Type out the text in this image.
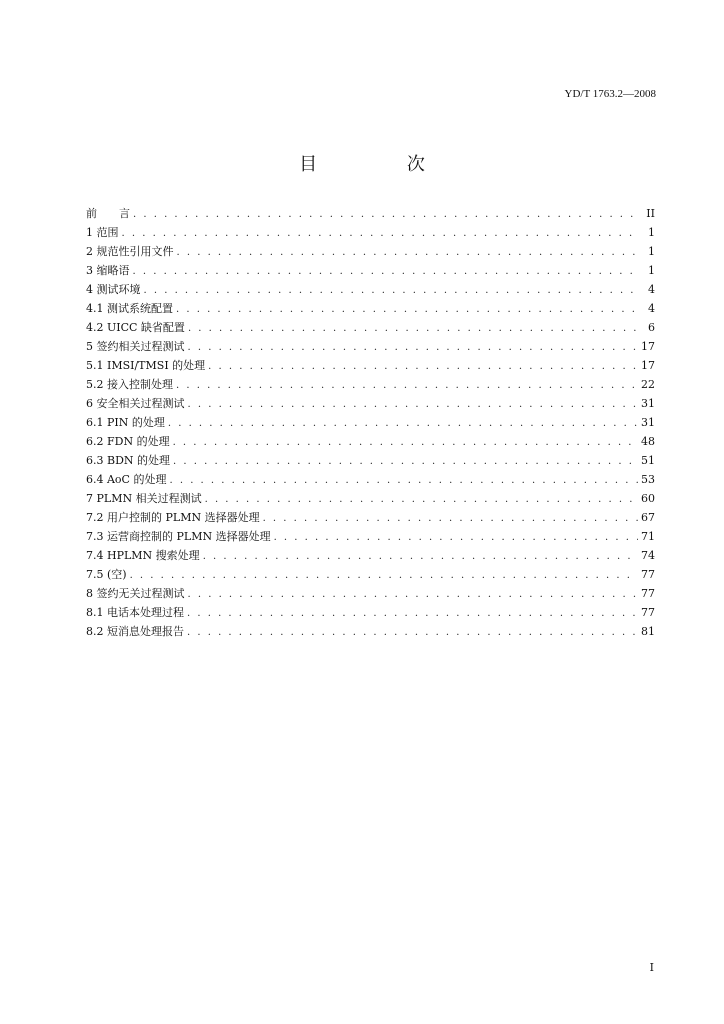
YD/T 1763.2—2008
目 次
前　　言 . . .	II
1 范围 . . .	1
2 规范性引用文件 . . .	1
3 缩略语 . . .	1
4 测试环境 . . .	4
4.1 测试系统配置 . . .	4
4.2 UICC 缺省配置 . . .	6
5 签约相关过程测试 . . .	17
5.1 IMSI/TMSI 的处理 . . .	17
5.2 接入控制处理 . . .	22
6 安全相关过程测试 . . .	31
6.1 PIN 的处理 . . .	31
6.2 FDN 的处理 . . .	48
6.3 BDN 的处理 . . .	51
6.4 AoC 的处理 . . .	53
7 PLMN 相关过程测试 . . .	60
7.2 用户控制的 PLMN 选择器处理 . . .	67
7.3 运营商控制的 PLMN 选择器处理 . . .	71
7.4 HPLMN 搜索处理 . . .	74
7.5 (空) . . .	77
8 签约无关过程测试 . . .	77
8.1 电话本处理过程 . . .	77
8.2 短消息处理报告 . . .	81
I
